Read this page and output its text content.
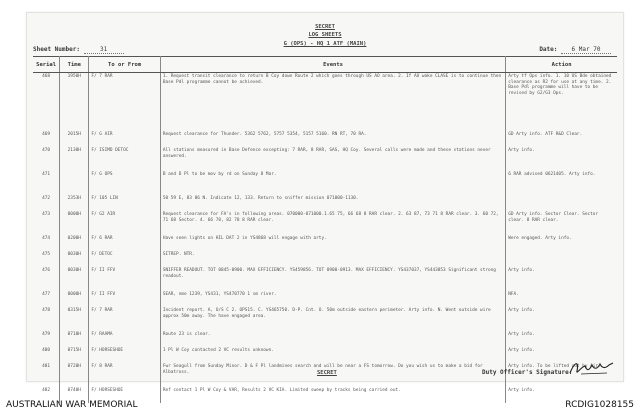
SECRET
LOG SHEETS
G (OPS) - HQ 1 ATF (MAIN)
Sheet Number:	31	Date: 6 Mar 70
Serial	Time	To or From	Events	Action
468	1950H	F/ 7 RAR	1. Request transit clearance to return B Coy down Route 2 which goes through US AO area. 2. If AO wake CLASE is to continue then Base Pdl programme cannot be achieved.	Arty tf Ops info. 1. 10 US Bde obtained clearance as R2 for use at any time. 2. Base Pdl programme will have to be revised by G2/G3 Ops.
469	2015H	F/ G AIR	Request clearance for Thunder. 5362 5762, 5757 5354, 5157 5160. RN RT, 70 RA.	GD Arty info. ATF R&D Clear.
470	2130H	F/ ISIMD DETOC	All stations measured in Base Defence excepting: 7 RAR, 8 RAR, SAS, HQ Coy. Several calls were made and these stations never answered.	Arty info.
471		F/ G OPS	B and D Pl to be mov by rd on Sunday 8 Mar.	6 RAR advised 0621405. Arty info.
472	2353H	F/ 105 LIN	50 59 E, 83 86 N. Indicate 12, 133. Return to sniffer mission 071000-1130.	
473	0000H	F/ G2 AIR	Request clearance for FA's in following areas. 070000-071000.1.65 75, 66 68 8 RAR clear. 2. 63 87, 73 71 8 RAR clear. 3. 60 72, 71 68 Sector. 4. 66 70, 82 78 8 RAR clear.	GD Arty info. Sector Clear. Sector clear. 8 RAR clear.
474	0200H	F/ 6 RAR	Have seen lights on HIL DAT 2 in YS4868 will engage with arty.	Were engaged. Arty info.
475	0030H	F/ DETOC	SITREP. NTR.	
476	0030H	F/ II FFV	SNIFFER READOUT. TOT 0845-0900. MAX EFFICIENCY. YS459856. TOT 0900-0913. MAX EFFICIENCY. YS437037, YS443853 Significant strong readout.	Arty info.
477	0000H	F/ II FFV	SEAR, nme 1239, YS431, YS470770 1 sm river.	NFA.
478	0315H	F/ 7 RAR	Incident report. A, O/S C 2. OPS15. C. YS465750. D-P. Cnt. O. 50m outside eastern perimeter. Arty info. N. Went outside wire approx 50m away. The have engaged area.	Arty info.
479	0710H	F/ RAAMA	Route 23 is clear.	Arty info.
480	0715H	F/ HORSESHOE	1 Pl W Coy contacted 2 VC results unknown.	Arty info.
481	0720H	F/ 8 RAR	Fwr Seagull from Sunday Minor. D & F Pl landmines search and will be near a FS tomorrow. Do you wish us to make a bid for Albatross.	Arty info. To be lifted out by Air.
482	0740H	F/ HORSESHOE	Ref contact 1 Pl W Coy & VAR, Results 2 VC KIA. Limited sweep by tracks being carried out.	Arty info.
SECRET	Duty Officer's Signature:
AUSTRALIAN WAR MEMORIAL	RCDIG1028155
